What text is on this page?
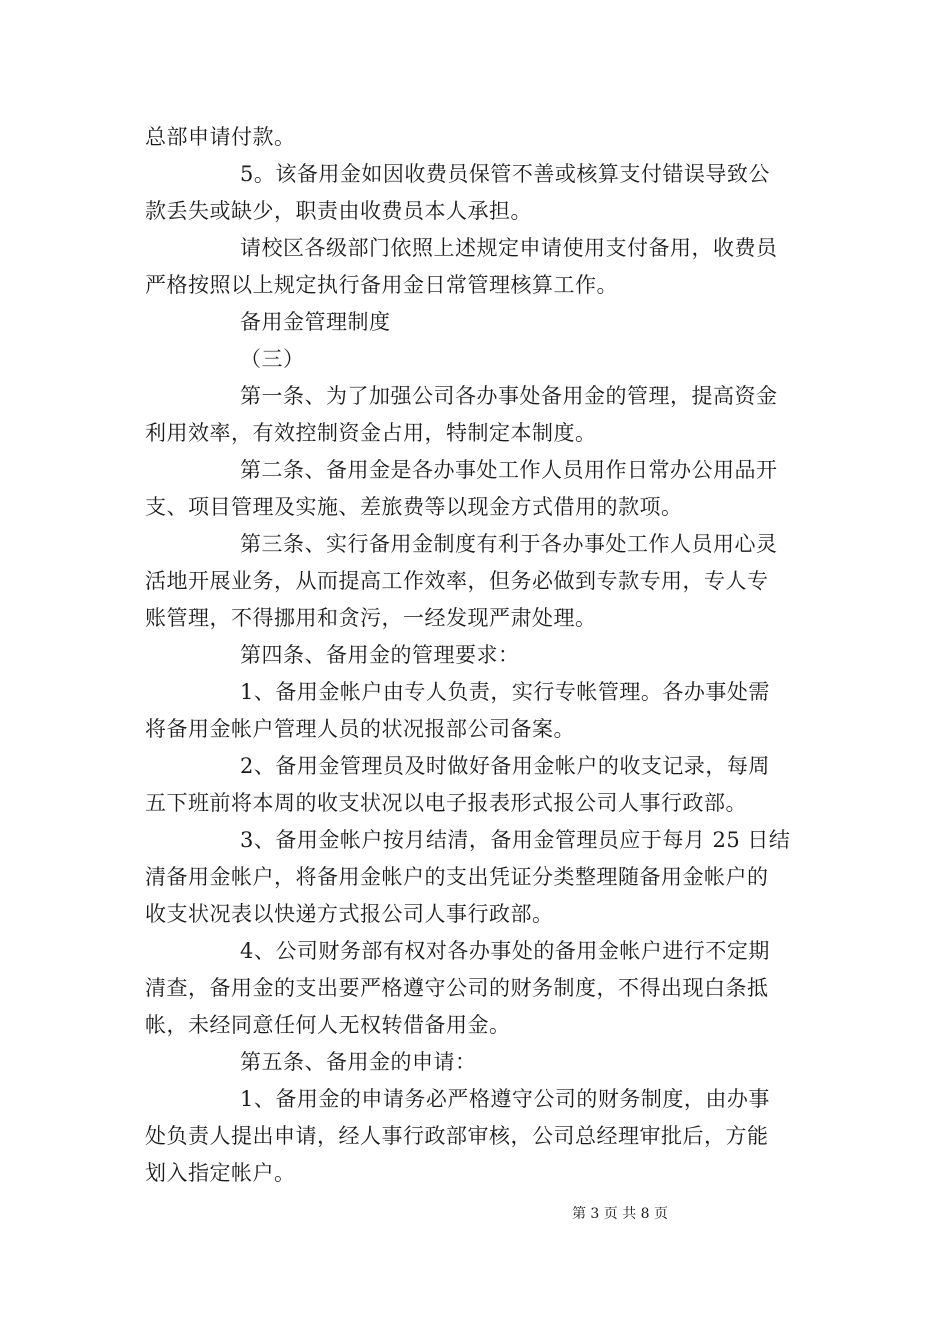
总部申请付款。
5。该备用金如因收费员保管不善或核算支付错误导致公
款丢失或缺少，职责由收费员本人承担。
请校区各级部门依照上述规定申请使用支付备用，收费员
严格按照以上规定执行备用金日常管理核算工作。
备用金管理制度
（三）
第一条、为了加强公司各办事处备用金的管理，提高资金
利用效率，有效控制资金占用，特制定本制度。
第二条、备用金是各办事处工作人员用作日常办公用品开
支、项目管理及实施、差旅费等以现金方式借用的款项。
第三条、实行备用金制度有利于各办事处工作人员用心灵
活地开展业务，从而提高工作效率，但务必做到专款专用，专人专
账管理，不得挪用和贪污，一经发现严肃处理。
第四条、备用金的管理要求：
1、备用金帐户由专人负责，实行专帐管理。各办事处需
将备用金帐户管理人员的状况报部公司备案。
2、备用金管理员及时做好备用金帐户的收支记录，每周
五下班前将本周的收支状况以电子报表形式报公司人事行政部。
3、备用金帐户按月结清，备用金管理员应于每月 25 日结
清备用金帐户，将备用金帐户的支出凭证分类整理随备用金帐户的
收支状况表以快递方式报公司人事行政部。
4、公司财务部有权对各办事处的备用金帐户进行不定期
清查，备用金的支出要严格遵守公司的财务制度，不得出现白条抵
帐，未经同意任何人无权转借备用金。
第五条、备用金的申请：
1、备用金的申请务必严格遵守公司的财务制度，由办事
处负责人提出申请，经人事行政部审核，公司总经理审批后，方能
划入指定帐户。
第 3 页 共 8 页
